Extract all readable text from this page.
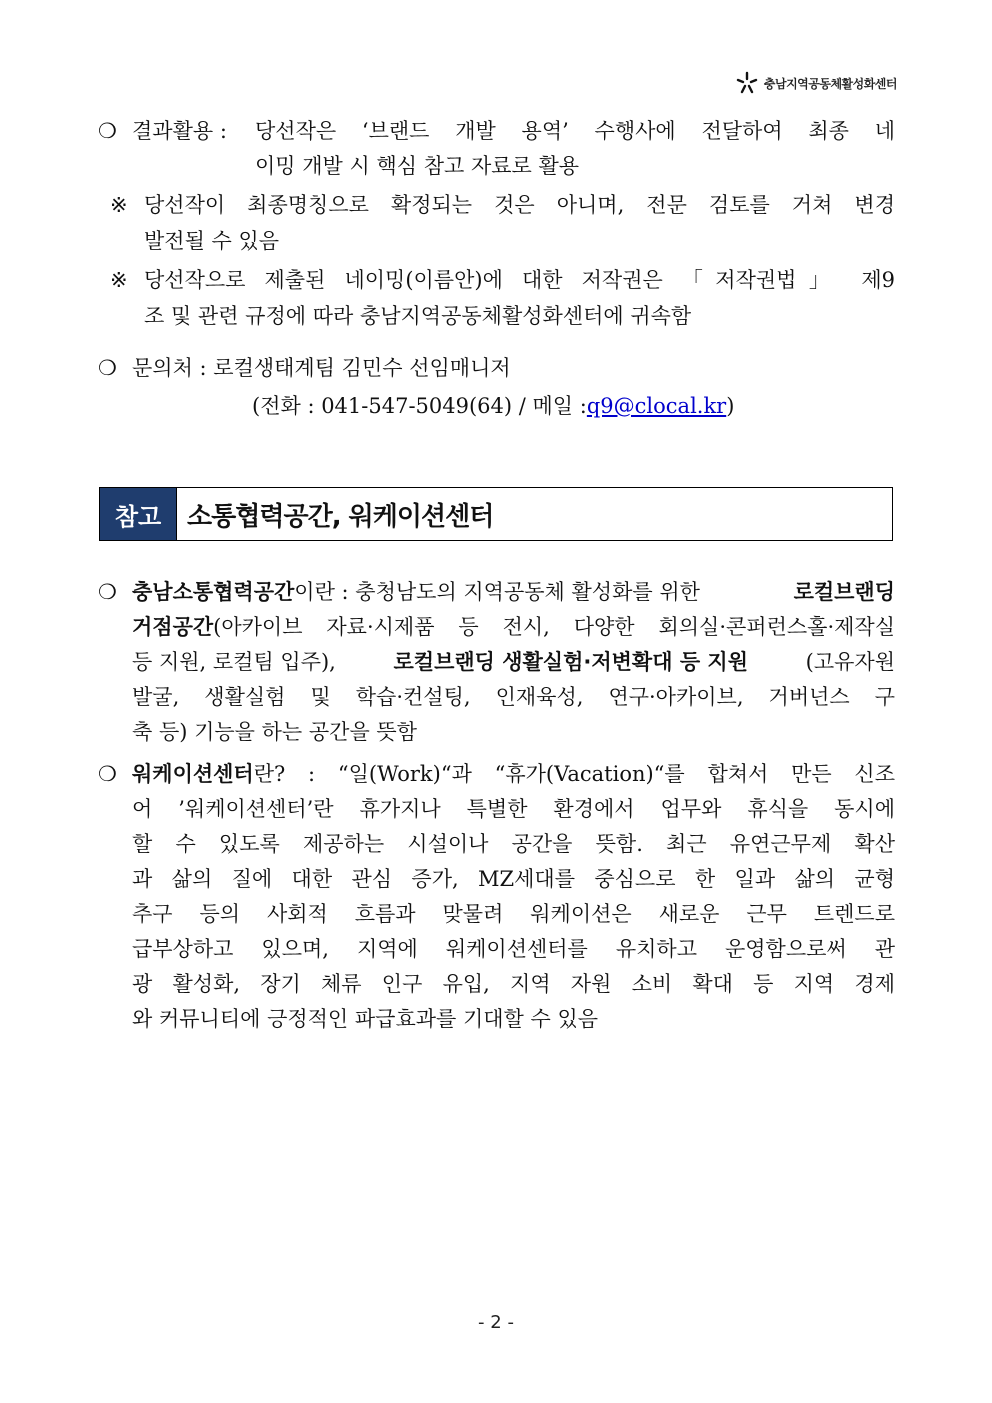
충남지역공동체활성화센터
❍ 결과활용 : 당선작은 ‘브랜드 개발 용역’ 수행사에 전달하여 최종 네
이밍 개발 시 핵심 참고 자료로 활용
※ 당선작이 최종명칭으로 확정되는 것은 아니며, 전문 검토를 거쳐 변경
발전될 수 있음
※ 당선작으로 제출된 네이밍(이름안)에 대한 저작권은 「저작권법」 제9
조 및 관련 규정에 따라 충남지역공동체활성화센터에 귀속함
❍ 문의처 : 로컬생태계팀 김민수 선임매니저
(전화 : 041-547-5049(64) / 메일 : q9@clocal.kr )
참고 소통협력공간, 워케이션센터
❍ 충남소통협력공간이란 : 충청남도의 지역공동체 활성화를 위한	로컬브랜딩
거점공간 (아카이브 자료·시제품 등 전시, 다양한 회의실·콘퍼런스홀·제작실
등 지원, 로컬팀 입주),	로컬브랜딩 생활실험·저변확대 등 지원	(고유자원
발굴, 생활실험 및 학습·컨설팅, 인재육성, 연구·아카이브, 거버넌스 구
축 등) 기능을 하는 공간을 뜻함
❍ 워케이션센터 란? : “일(Work)“과 “휴가(Vacation)“를 합쳐서 만든 신조
어 ’워케이션센터’란 휴가지나 특별한 환경에서 업무와 휴식을 동시에
할 수 있도록 제공하는 시설이나 공간을 뜻함. 최근 유연근무제 확산
과 삶의 질에 대한 관심 증가, MZ세대를 중심으로 한 일과 삶의 균형
추구 등의 사회적 흐름과 맞물려 워케이션은 새로운 근무 트렌드로
급부상하고 있으며, 지역에 워케이션센터를 유치하고 운영함으로써 관
광 활성화, 장기 체류 인구 유입, 지역 자원 소비 확대 등 지역 경제
와 커뮤니티에 긍정적인 파급효과를 기대할 수 있음
- 2 -
